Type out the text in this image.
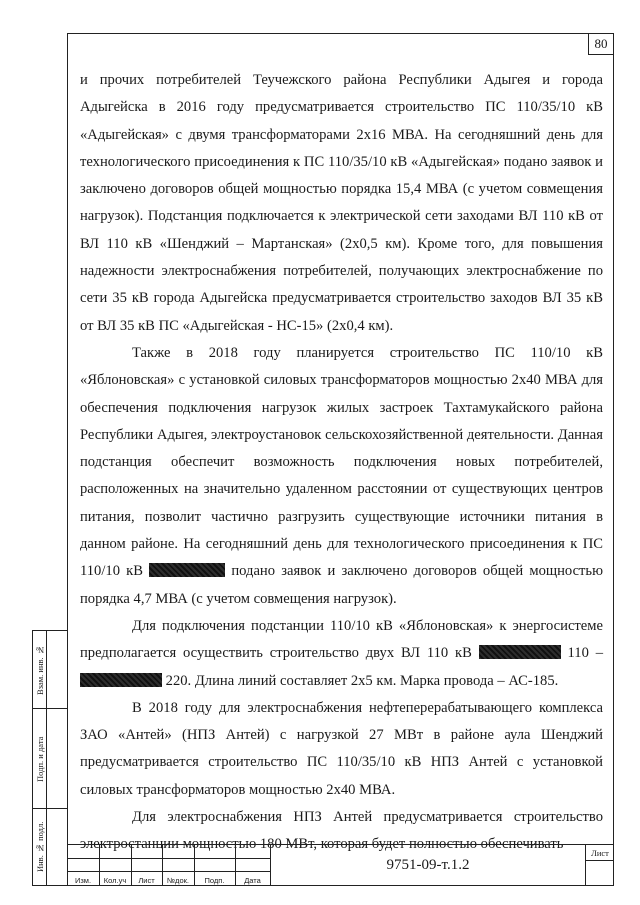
80

и прочих потребителей Теучежского района Республики Адыгея и города Адыгейска в 2016 году предусматривается строительство ПС 110/35/10 кВ «Адыгейская» с двумя трансформаторами 2х16 МВА. На сегодняшний день для технологического присоединения к ПС 110/35/10 кВ «Адыгейская» подано заявок и заключено договоров общей мощностью порядка 15,4 МВА (с учетом совмещения нагрузок). Подстанция подключается к электрической сети заходами ВЛ 110 кВ от ВЛ 110 кВ «Шенджий – Мартанская» (2х0,5 км). Кроме того, для повышения надежности электроснабжения потребителей, получающих электроснабжение по сети 35 кВ города Адыгейска предусматривается строительство заходов ВЛ 35 кВ от ВЛ 35 кВ ПС «Адыгейская - НС-15» (2х0,4 км).

Также в 2018 году планируется строительство ПС 110/10 кВ «Яблоновская» с установкой силовых трансформаторов мощностью 2х40 МВА для обеспечения подключения нагрузок жилых застроек Тахтамукайского района Республики Адыгея, электроустановок сельскохозяйственной деятельности. Данная подстанция обеспечит возможность подключения новых потребителей, расположенных на значительно удаленном расстоянии от существующих центров питания, позволит частично разгрузить существующие источники питания в данном районе. На сегодняшний день для технологического присоединения к ПС 110/10 кВ	подано заявок и заключено договоров общей мощностью порядка 4,7 МВА (с учетом совмещения нагрузок).

Для подключения подстанции 110/10 кВ «Яблоновская» к энергосистеме предполагается осуществить строительство двух ВЛ 110 кВ	110 –  220. Длина линий составляет 2х5 км. Марка провода – АС-185.

В 2018 году для электроснабжения нефтеперерабатывающего комплекса ЗАО «Антей» (НПЗ Антей) с нагрузкой 27 МВт в районе аула Шенджий предусматривается строительство ПС 110/35/10 кВ НПЗ Антей с установкой силовых трансформаторов мощностью 2х40 МВА.

Для электроснабжения НПЗ Антей предусматривается строительство электростанции мощностью 180 МВт, которая будет полностью обеспечивать

Взам. инв. №
Подп. и дата
Инв. № подл.
Изм.	Кол.уч	Лист	№док.	Подп.	Дата
9751-09-т.1.2
Лист
